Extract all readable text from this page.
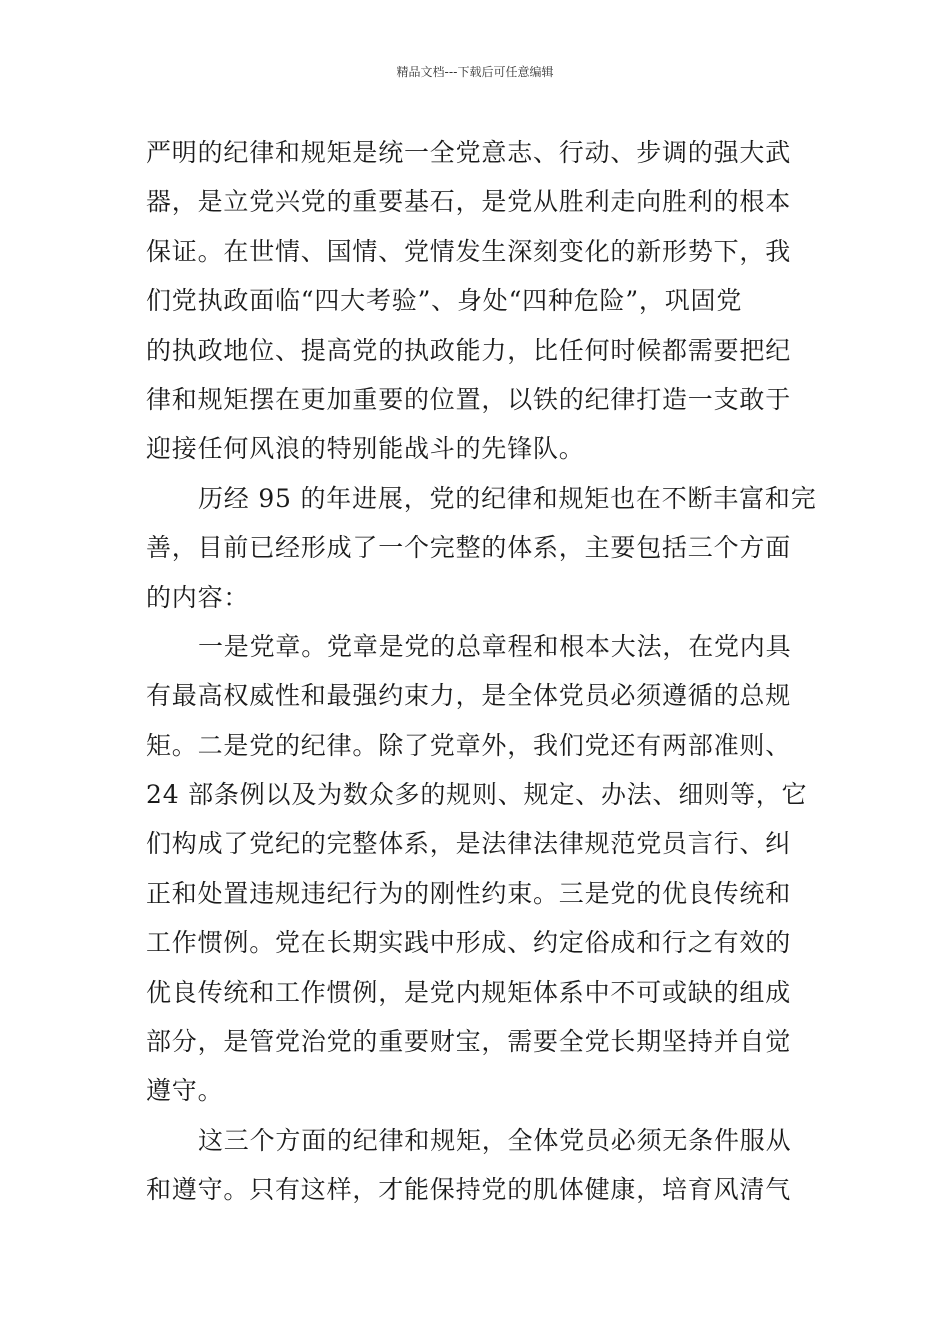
精品文档---下载后可任意编辑
严明的纪律和规矩是统一全党意志、行动、步调的强大武
器，是立党兴党的重要基石，是党从胜利走向胜利的根本
保证。在世情、国情、党情发生深刻变化的新形势下，我
们党执政面临“四大考验”、身处“四种危险”，巩固党
的执政地位、提高党的执政能力，比任何时候都需要把纪
律和规矩摆在更加重要的位置，以铁的纪律打造一支敢于
迎接任何风浪的特别能战斗的先锋队。
历经 95 的年进展，党的纪律和规矩也在不断丰富和完
善，目前已经形成了一个完整的体系，主要包括三个方面
的内容：
一是党章。党章是党的总章程和根本大法，在党内具
有最高权威性和最强约束力，是全体党员必须遵循的总规
矩。二是党的纪律。除了党章外，我们党还有两部准则、
24 部条例以及为数众多的规则、规定、办法、细则等，它
们构成了党纪的完整体系，是法律法律规范党员言行、纠
正和处置违规违纪行为的刚性约束。三是党的优良传统和
工作惯例。党在长期实践中形成、约定俗成和行之有效的
优良传统和工作惯例，是党内规矩体系中不可或缺的组成
部分，是管党治党的重要财宝，需要全党长期坚持并自觉
遵守。
这三个方面的纪律和规矩，全体党员必须无条件服从
和遵守。只有这样，才能保持党的肌体健康，培育风清气
